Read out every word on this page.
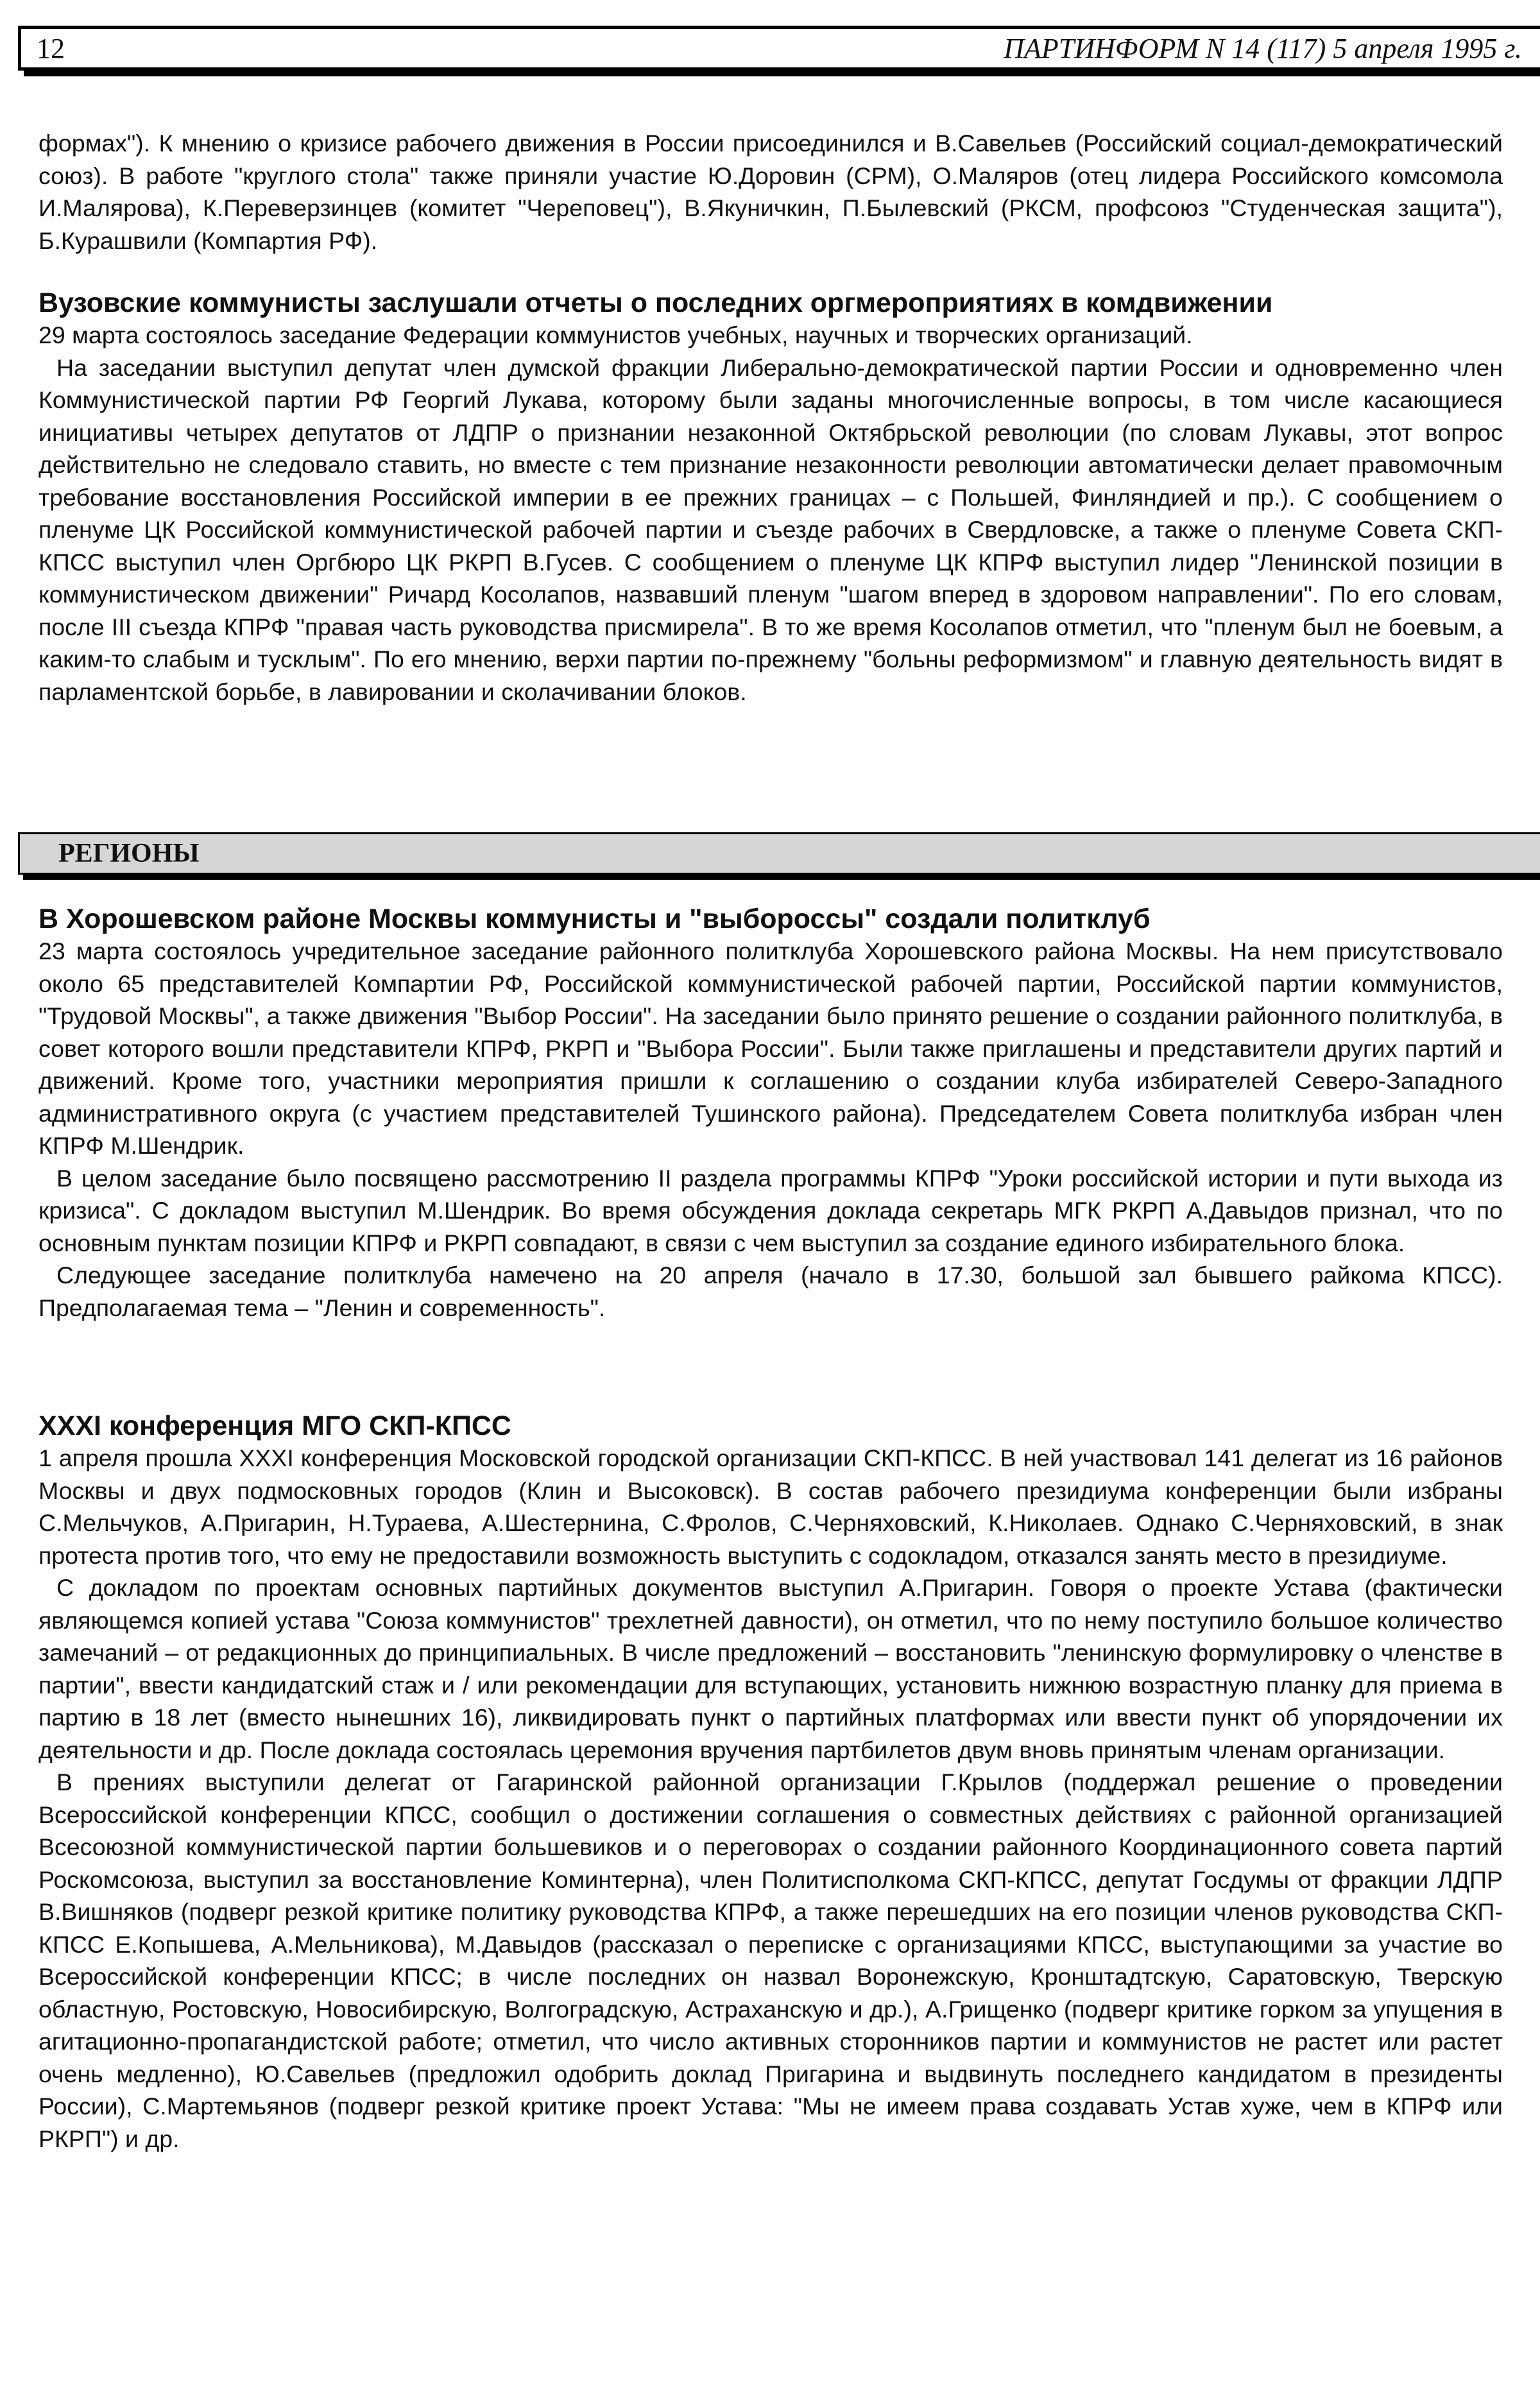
12	ПАРТИНФОРМ N 14 (117) 5 апреля 1995 г.

формах"). К мнению о кризисе рабочего движения в России присоединился и В.Савельев (Российский социал-демократический союз). В работе "круглого стола" также приняли участие Ю.Доровин (СРМ), О.Маляров (отец лидера Российского комсомола И.Малярова), К.Переверзинцев (комитет "Череповец"), В.Якуничкин, П.Былевский (РКСМ, профсоюз "Студенческая защита"), Б.Курашвили (Компартия РФ).

Вузовские коммунисты заслушали отчеты о последних оргмероприятиях в комдвижении

29 марта состоялось заседание Федерации коммунистов учебных, научных и творческих организаций.

На заседании выступил депутат член думской фракции Либерально-демократической партии России и одновременно член Коммунистической партии РФ Георгий Лукава, которому были заданы многочисленные вопросы, в том числе касающиеся инициативы четырех депутатов от ЛДПР о признании незаконной Октябрьской революции (по словам Лукавы, этот вопрос действительно не следовало ставить, но вместе с тем признание незаконности революции автоматически делает правомочным требование восстановления Российской империи в ее прежних границах – с Польшей, Финляндией и пр.). С сообщением о пленуме ЦК Российской коммунистической рабочей партии и съезде рабочих в Свердловске, а также о пленуме Совета СКП-КПСС выступил член Оргбюро ЦК РКРП В.Гусев. С сообщением о пленуме ЦК КПРФ выступил лидер "Ленинской позиции в коммунистическом движении" Ричард Косолапов, назвавший пленум "шагом вперед в здоровом направлении". По его словам, после III съезда КПРФ "правая часть руководства присмирела". В то же время Косолапов отметил, что "пленум был не боевым, а каким-то слабым и тусклым". По его мнению, верхи партии по-прежнему "больны реформизмом" и главную деятельность видят в парламентской борьбе, в лавировании и сколачивании блоков.

РЕГИОНЫ
В Хорошевском районе Москвы коммунисты и "выбороссы" создали политклуб

23 марта состоялось учредительное заседание районного политклуба Хорошевского района Москвы. На нем присутствовало около 65 представителей Компартии РФ, Российской коммунистической рабочей партии, Российской партии коммунистов, "Трудовой Москвы", а также движения "Выбор России". На заседании было принято решение о создании районного политклуба, в совет которого вошли представители КПРФ, РКРП и "Выбора России". Были также приглашены и представители других партий и движений. Кроме того, участники мероприятия пришли к соглашению о создании клуба избирателей Северо-Западного административного округа (с участием представителей Тушинского района). Председателем Совета политклуба избран член КПРФ М.Шендрик.

В целом заседание было посвящено рассмотрению II раздела программы КПРФ "Уроки российской истории и пути выхода из кризиса". С докладом выступил М.Шендрик. Во время обсуждения доклада секретарь МГК РКРП А.Давыдов признал, что по основным пунктам позиции КПРФ и РКРП совпадают, в связи с чем выступил за создание единого избирательного блока.

Следующее заседание политклуба намечено на 20 апреля (начало в 17.30, большой зал бывшего райкома КПСС). Предполагаемая тема – "Ленин и современность".

XXXI конференция МГО СКП-КПСС

1 апреля прошла XXXI конференция Московской городской организации СКП-КПСС. В ней участвовал 141 делегат из 16 районов Москвы и двух подмосковных городов (Клин и Высоковск). В состав рабочего президиума конференции были избраны С.Мельчуков, А.Пригарин, Н.Тураева, А.Шестернина, С.Фролов, С.Черняховский, К.Николаев. Однако С.Черняховский, в знак протеста против того, что ему не предоставили возможность выступить с содокладом, отказался занять место в президиуме.

С докладом по проектам основных партийных документов выступил А.Пригарин. Говоря о проекте Устава (фактически являющемся копией устава "Союза коммунистов" трехлетней давности), он отметил, что по нему поступило большое количество замечаний – от редакционных до принципиальных. В числе предложений – восстановить "ленинскую формулировку о членстве в партии", ввести кандидатский стаж и / или рекомендации для вступающих, установить нижнюю возрастную планку для приема в партию в 18 лет (вместо нынешних 16), ликвидировать пункт о партийных платформах или ввести пункт об упорядочении их деятельности и др. После доклада состоялась церемония вручения партбилетов двум вновь принятым членам организации.

В прениях выступили делегат от Гагаринской районной организации Г.Крылов (поддержал решение о проведении Всероссийской конференции КПСС, сообщил о достижении соглашения о совместных действиях с районной организацией Всесоюзной коммунистической партии большевиков и о переговорах о создании районного Координационного совета партий Роскомсоюза, выступил за восстановление Коминтерна), член Политисполкома СКП-КПСС, депутат Госдумы от фракции ЛДПР В.Вишняков (подверг резкой критике политику руководства КПРФ, а также перешедших на его позиции членов руководства СКП-КПСС Е.Копышева, А.Мельникова), М.Давыдов (рассказал о переписке с организациями КПСС, выступающими за участие во Всероссийской конференции КПСС; в числе последних он назвал Воронежскую, Кронштадтскую, Саратовскую, Тверскую областную, Ростовскую, Новосибирскую, Волгоградскую, Астраханскую и др.), А.Грищенко (подверг критике горком за упущения в агитационно-пропагандистской работе; отметил, что число активных сторонников партии и коммунистов не растет или растет очень медленно), Ю.Савельев (предложил одобрить доклад Пригарина и выдвинуть последнего кандидатом в президенты России), С.Мартемьянов (подверг резкой критике проект Устава: "Мы не имеем права создавать Устав хуже, чем в КПРФ или РКРП") и др.
